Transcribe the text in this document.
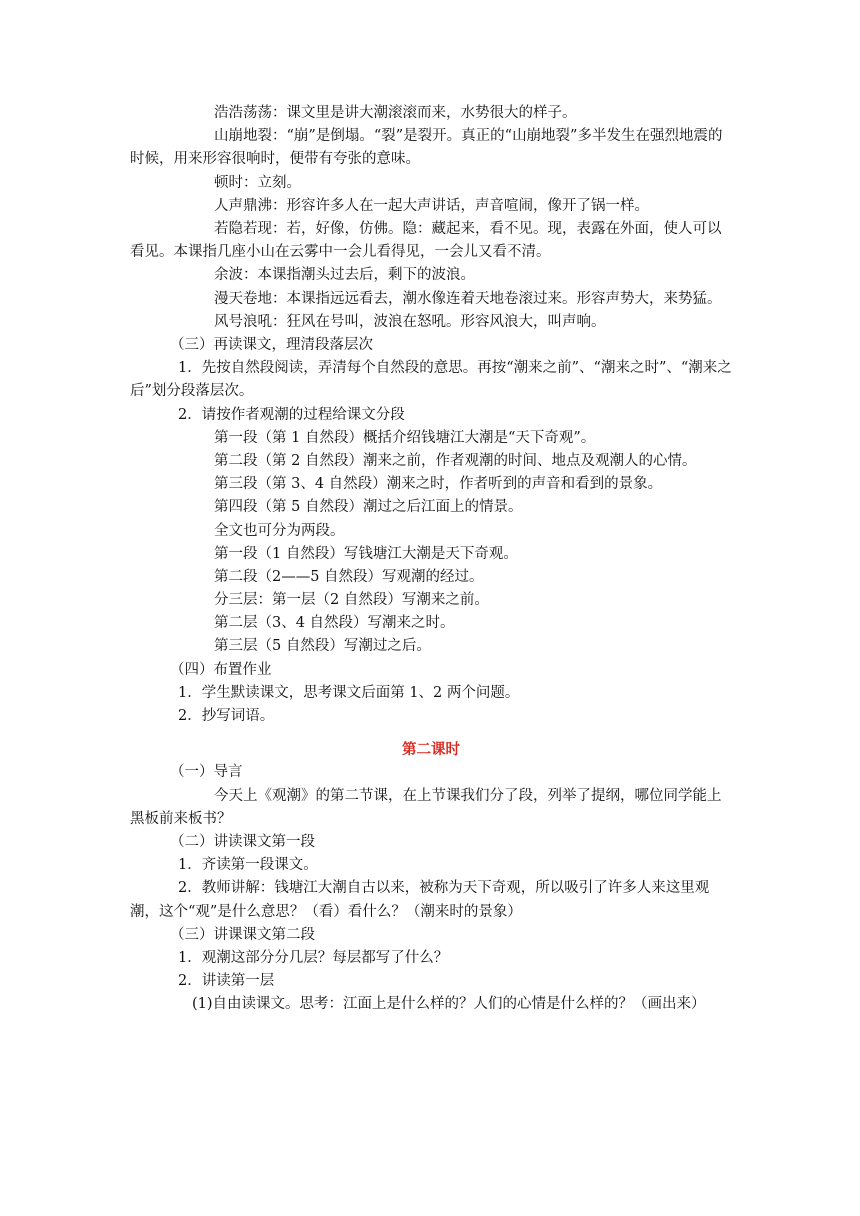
浩浩荡荡：课文里是讲大潮滚滚而来，水势很大的样子。
山崩地裂：“崩”是倒塌。“裂”是裂开。真正的“山崩地裂”多半发生在强烈地震的时候，用来形容很响时，便带有夸张的意味。
顿时：立刻。
人声鼎沸：形容许多人在一起大声讲话，声音喧闹，像开了锅一样。
若隐若现：若，好像，仿佛。隐：藏起来，看不见。现，表露在外面，使人可以看见。本课指几座小山在云雾中一会儿看得见，一会儿又看不清。
余波：本课指潮头过去后，剩下的波浪。
漫天卷地：本课指远远看去，潮水像连着天地卷滚过来。形容声势大，来势猛。
风号浪吼：狂风在号叫，波浪在怒吼。形容风浪大，叫声响。
（三）再读课文，理清段落层次
1．先按自然段阅读，弄清每个自然段的意思。再按“潮来之前”、“潮来之时”、“潮来之后”划分段落层次。
2．请按作者观潮的过程给课文分段
第一段（第 1 自然段）概括介绍钱塘江大潮是“天下奇观”。
第二段（第 2 自然段）潮来之前，作者观潮的时间、地点及观潮人的心情。
第三段（第 3、4 自然段）潮来之时，作者听到的声音和看到的景象。
第四段（第 5 自然段）潮过之后江面上的情景。
全文也可分为两段。
第一段（1 自然段）写钱塘江大潮是天下奇观。
第二段（2——5 自然段）写观潮的经过。
分三层：第一层（2 自然段）写潮来之前。
第二层（3、4 自然段）写潮来之时。
第三层（5 自然段）写潮过之后。
（四）布置作业
1．学生默读课文，思考课文后面第 1、2 两个问题。
2．抄写词语。
第二课时
（一）导言
今天上《观潮》的第二节课，在上节课我们分了段，列举了提纲，哪位同学能上黑板前来板书？
（二）讲读课文第一段
1．齐读第一段课文。
2．教师讲解：钱塘江大潮自古以来，被称为天下奇观，所以吸引了许多人来这里观潮，这个“观”是什么意思？（看）看什么？（潮来时的景象）
（三）讲课课文第二段
1．观潮这部分分几层？每层都写了什么？
2．讲读第一层
(1)自由读课文。思考：江面上是什么样的？人们的心情是什么样的？（画出来）
